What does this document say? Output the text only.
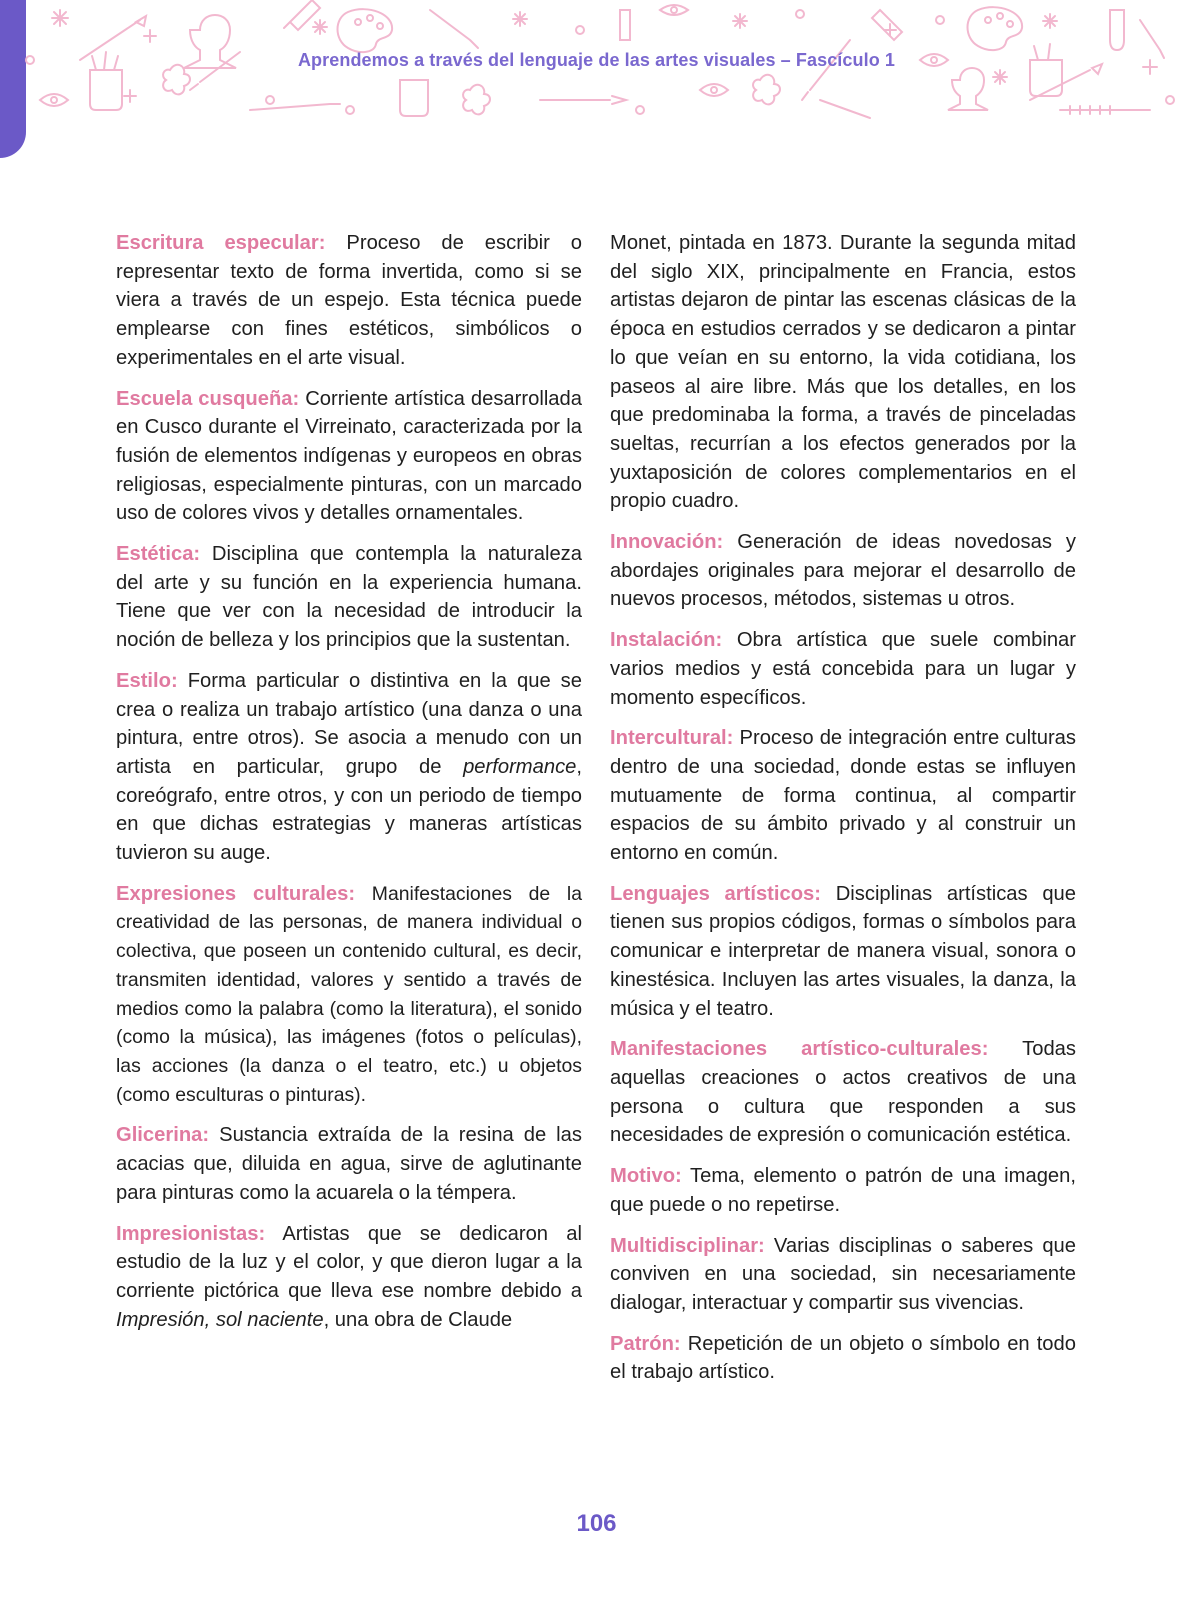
Aprendemos a través del lenguaje de las artes visuales – Fascículo 1

Escritura especular: Proceso de escribir o representar texto de forma invertida, como si se viera a través de un espejo. Esta técnica puede emplearse con fines estéticos, simbólicos o experimentales en el arte visual.

Escuela cusqueña: Corriente artística desarrollada en Cusco durante el Virreinato, caracterizada por la fusión de elementos indígenas y europeos en obras religiosas, especialmente pinturas, con un marcado uso de colores vivos y detalles ornamentales.

Estética: Disciplina que contempla la naturaleza del arte y su función en la experiencia humana. Tiene que ver con la necesidad de introducir la noción de belleza y los principios que la sustentan.

Estilo: Forma particular o distintiva en la que se crea o realiza un trabajo artístico (una danza o una pintura, entre otros). Se asocia a menudo con un artista en particular, grupo de performance, coreógrafo, entre otros, y con un periodo de tiempo en que dichas estrategias y maneras artísticas tuvieron su auge.

Expresiones culturales: Manifestaciones de la creatividad de las personas, de manera individual o colectiva, que poseen un contenido cultural, es decir, transmiten identidad, valores y sentido a través de medios como la palabra (como la literatura), el sonido (como la música), las imágenes (fotos o películas), las acciones (la danza o el teatro, etc.) u objetos (como esculturas o pinturas).

Glicerina: Sustancia extraída de la resina de las acacias que, diluida en agua, sirve de aglutinante para pinturas como la acuarela o la témpera.

Impresionistas: Artistas que se dedicaron al estudio de la luz y el color, y que dieron lugar a la corriente pictórica que lleva ese nombre debido a Impresión, sol naciente, una obra de Claude

Monet, pintada en 1873. Durante la segunda mitad del siglo XIX, principalmente en Francia, estos artistas dejaron de pintar las escenas clásicas de la época en estudios cerrados y se dedicaron a pintar lo que veían en su entorno, la vida cotidiana, los paseos al aire libre. Más que los detalles, en los que predominaba la forma, a través de pinceladas sueltas, recurrían a los efectos generados por la yuxtaposición de colores complementarios en el propio cuadro.

Innovación: Generación de ideas novedosas y abordajes originales para mejorar el desarrollo de nuevos procesos, métodos, sistemas u otros.

Instalación: Obra artística que suele combinar varios medios y está concebida para un lugar y momento específicos.

Intercultural: Proceso de integración entre culturas dentro de una sociedad, donde estas se influyen mutuamente de forma continua, al compartir espacios de su ámbito privado y al construir un entorno en común.

Lenguajes artísticos: Disciplinas artísticas que tienen sus propios códigos, formas o símbolos para comunicar e interpretar de manera visual, sonora o kinestésica. Incluyen las artes visuales, la danza, la música y el teatro.

Manifestaciones artístico-culturales: Todas aquellas creaciones o actos creativos de una persona o cultura que responden a sus necesidades de expresión o comunicación estética.

Motivo: Tema, elemento o patrón de una imagen, que puede o no repetirse.

Multidisciplinar: Varias disciplinas o saberes que conviven en una sociedad, sin necesariamente dialogar, interactuar y compartir sus vivencias.

Patrón: Repetición de un objeto o símbolo en todo el trabajo artístico.

106
